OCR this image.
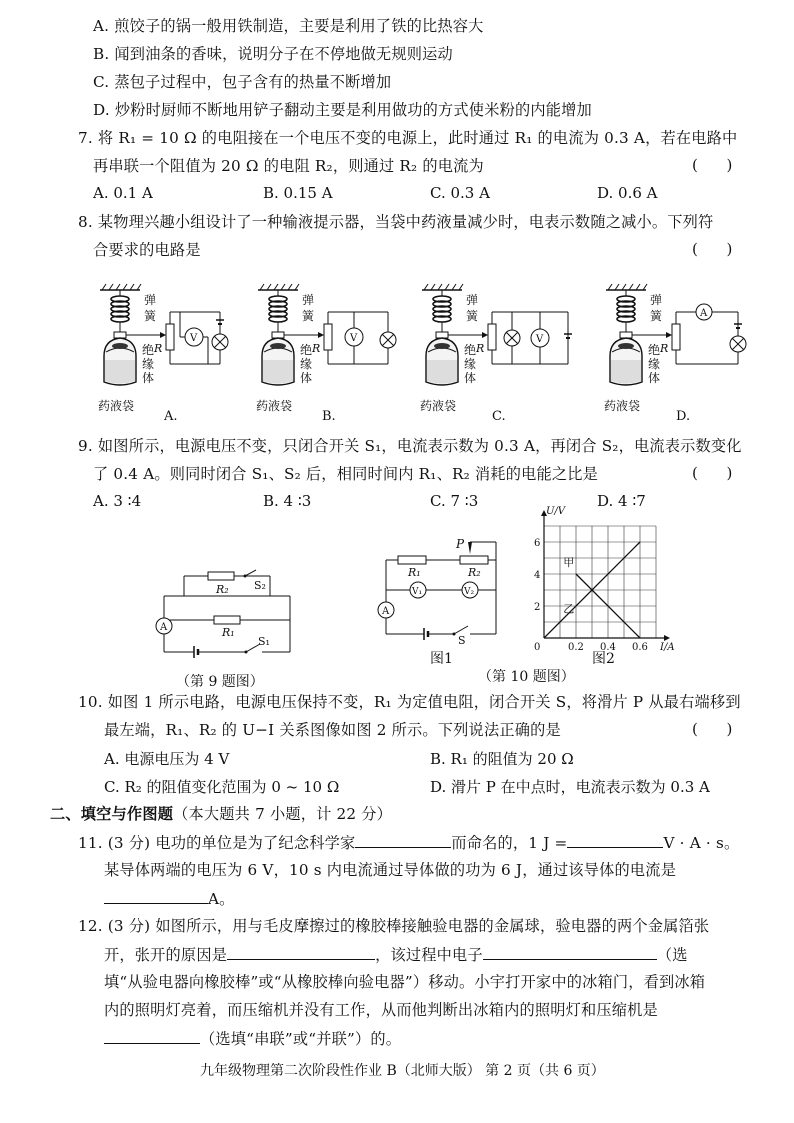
A. 煎饺子的锅一般用铁制造，主要是利用了铁的比热容大
B. 闻到油条的香味，说明分子在不停地做无规则运动
C. 蒸包子过程中，包子含有的热量不断增加
D. 炒粉时厨师不断地用铲子翻动主要是利用做功的方式使米粉的内能增加
7. 将 R₁ = 10 Ω 的电阻接在一个电压不变的电源上，此时通过 R₁ 的电流为 0.3 A，若在电路中
再串联一个阻值为 20 Ω 的电阻 R₂，则通过 R₂ 的电流为	(      )
A. 0.1 A	B. 0.15 A	C. 0.3 A	D. 0.6 A
8. 某物理兴趣小组设计了一种输液提示器，当袋中药液量减少时，电表示数随之减小。下列符
合要求的电路是	(      )
弹
簧
绝
缘
体
药液袋
R
V
A.
弹
簧
绝
缘
体
药液袋
R
V
B.
弹
簧
绝
缘
体
药液袋
R
V
C.
弹
簧
绝
缘
体
药液袋
R
A
D.
9. 如图所示，电源电压不变，只闭合开关 S₁，电流表示数为 0.3 A，再闭合 S₂，电流表示数变化
了 0.4 A。则同时闭合 S₁、S₂ 后，相同时间内 R₁、R₂ 消耗的电能之比是	(      )
A. 3 ∶4	B. 4 ∶3	C. 7 ∶3	D. 4 ∶7
R₂ S₂
R₁
A
S₁
（第 9 题图）
P
R₁	R₂
V₁	V₂
A
S
图1
甲
乙
0.2 0.4 0.6
2
4
6
0	I/A
U/V
图2
（第 10 题图）
10. 如图 1 所示电路，电源电压保持不变，R₁ 为定值电阻，闭合开关 S，将滑片 P 从最右端移到
最左端，R₁、R₂ 的 U−I 关系图像如图 2 所示。下列说法正确的是	(      )
A. 电源电压为 4 V	B. R₁ 的阻值为 20 Ω
C. R₂ 的阻值变化范围为 0 ~ 10 Ω	D. 滑片 P 在中点时，电流表示数为 0.3 A
二、填空与作图题（本大题共 7 小题，计 22 分）
11. (3 分) 电功的单位是为了纪念科学家	而命名的，1 J =	V · A · s。
某导体两端的电压为 6 V，10 s 内电流通过导体做的功为 6 J，通过该导体的电流是
A。
12. (3 分) 如图所示，用与毛皮摩擦过的橡胶棒接触验电器的金属球，验电器的两个金属箔张
开，张开的原因是	，该过程中电子	（选
填“从验电器向橡胶棒”或“从橡胶棒向验电器”）移动。小宇打开家中的冰箱门，看到冰箱
内的照明灯亮着，而压缩机并没有工作，从而他判断出冰箱内的照明灯和压缩机是
（选填“串联”或“并联”）的。
九年级物理第二次阶段性作业 B（北师大版） 第 2 页（共 6 页）
